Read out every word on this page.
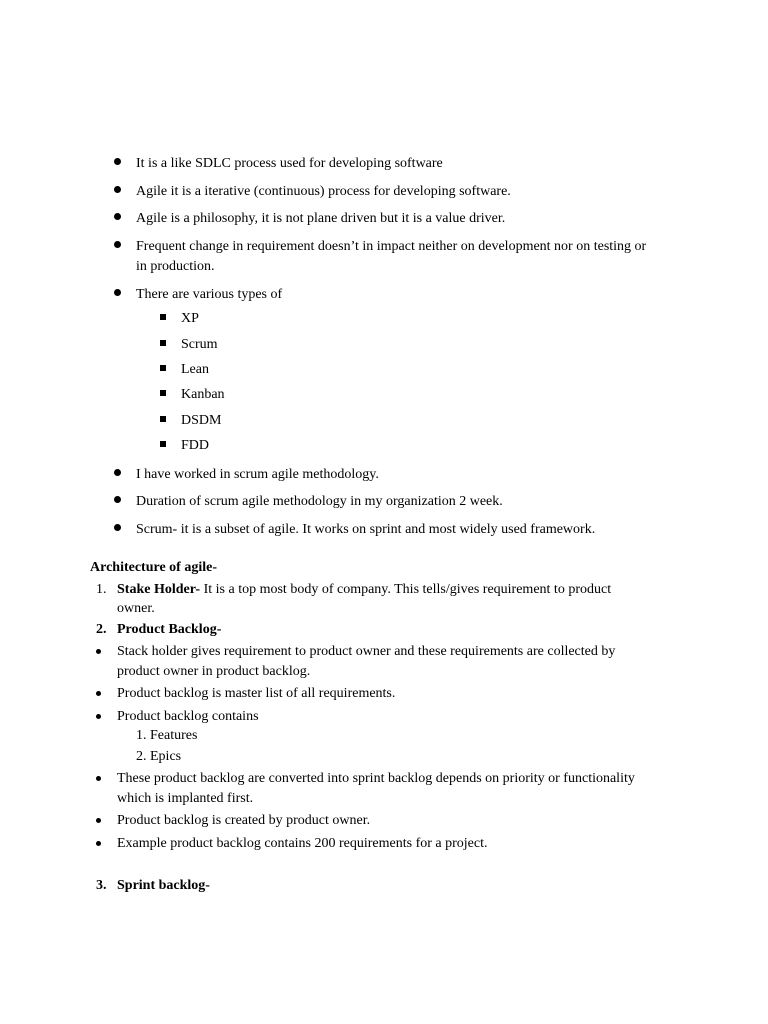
It is a like SDLC process used for developing software
Agile it is a iterative (continuous) process for developing software.
Agile is a philosophy, it is not plane driven but it is a value driver.
Frequent change in requirement doesn’t in impact neither on development nor on testing or
in production.
There are various types of
XP
Scrum
Lean
Kanban
DSDM
FDD
I have worked in scrum agile methodology.
Duration of scrum agile methodology in my organization 2 week.
Scrum- it is a subset of agile. It works on sprint and most widely used framework.
Architecture of agile-
1. Stake Holder- It is a top most body of company. This tells/gives requirement to product
owner.
2. Product Backlog-
Stack holder gives requirement to product owner and these requirements are collected by
product owner in product backlog.
Product backlog is master list of all requirements.
Product backlog contains
1. Features
2. Epics
These product backlog are converted into sprint backlog depends on priority or functionality
which is implanted first.
Product backlog is created by product owner.
Example product backlog contains 200 requirements for a project.
3. Sprint backlog-
